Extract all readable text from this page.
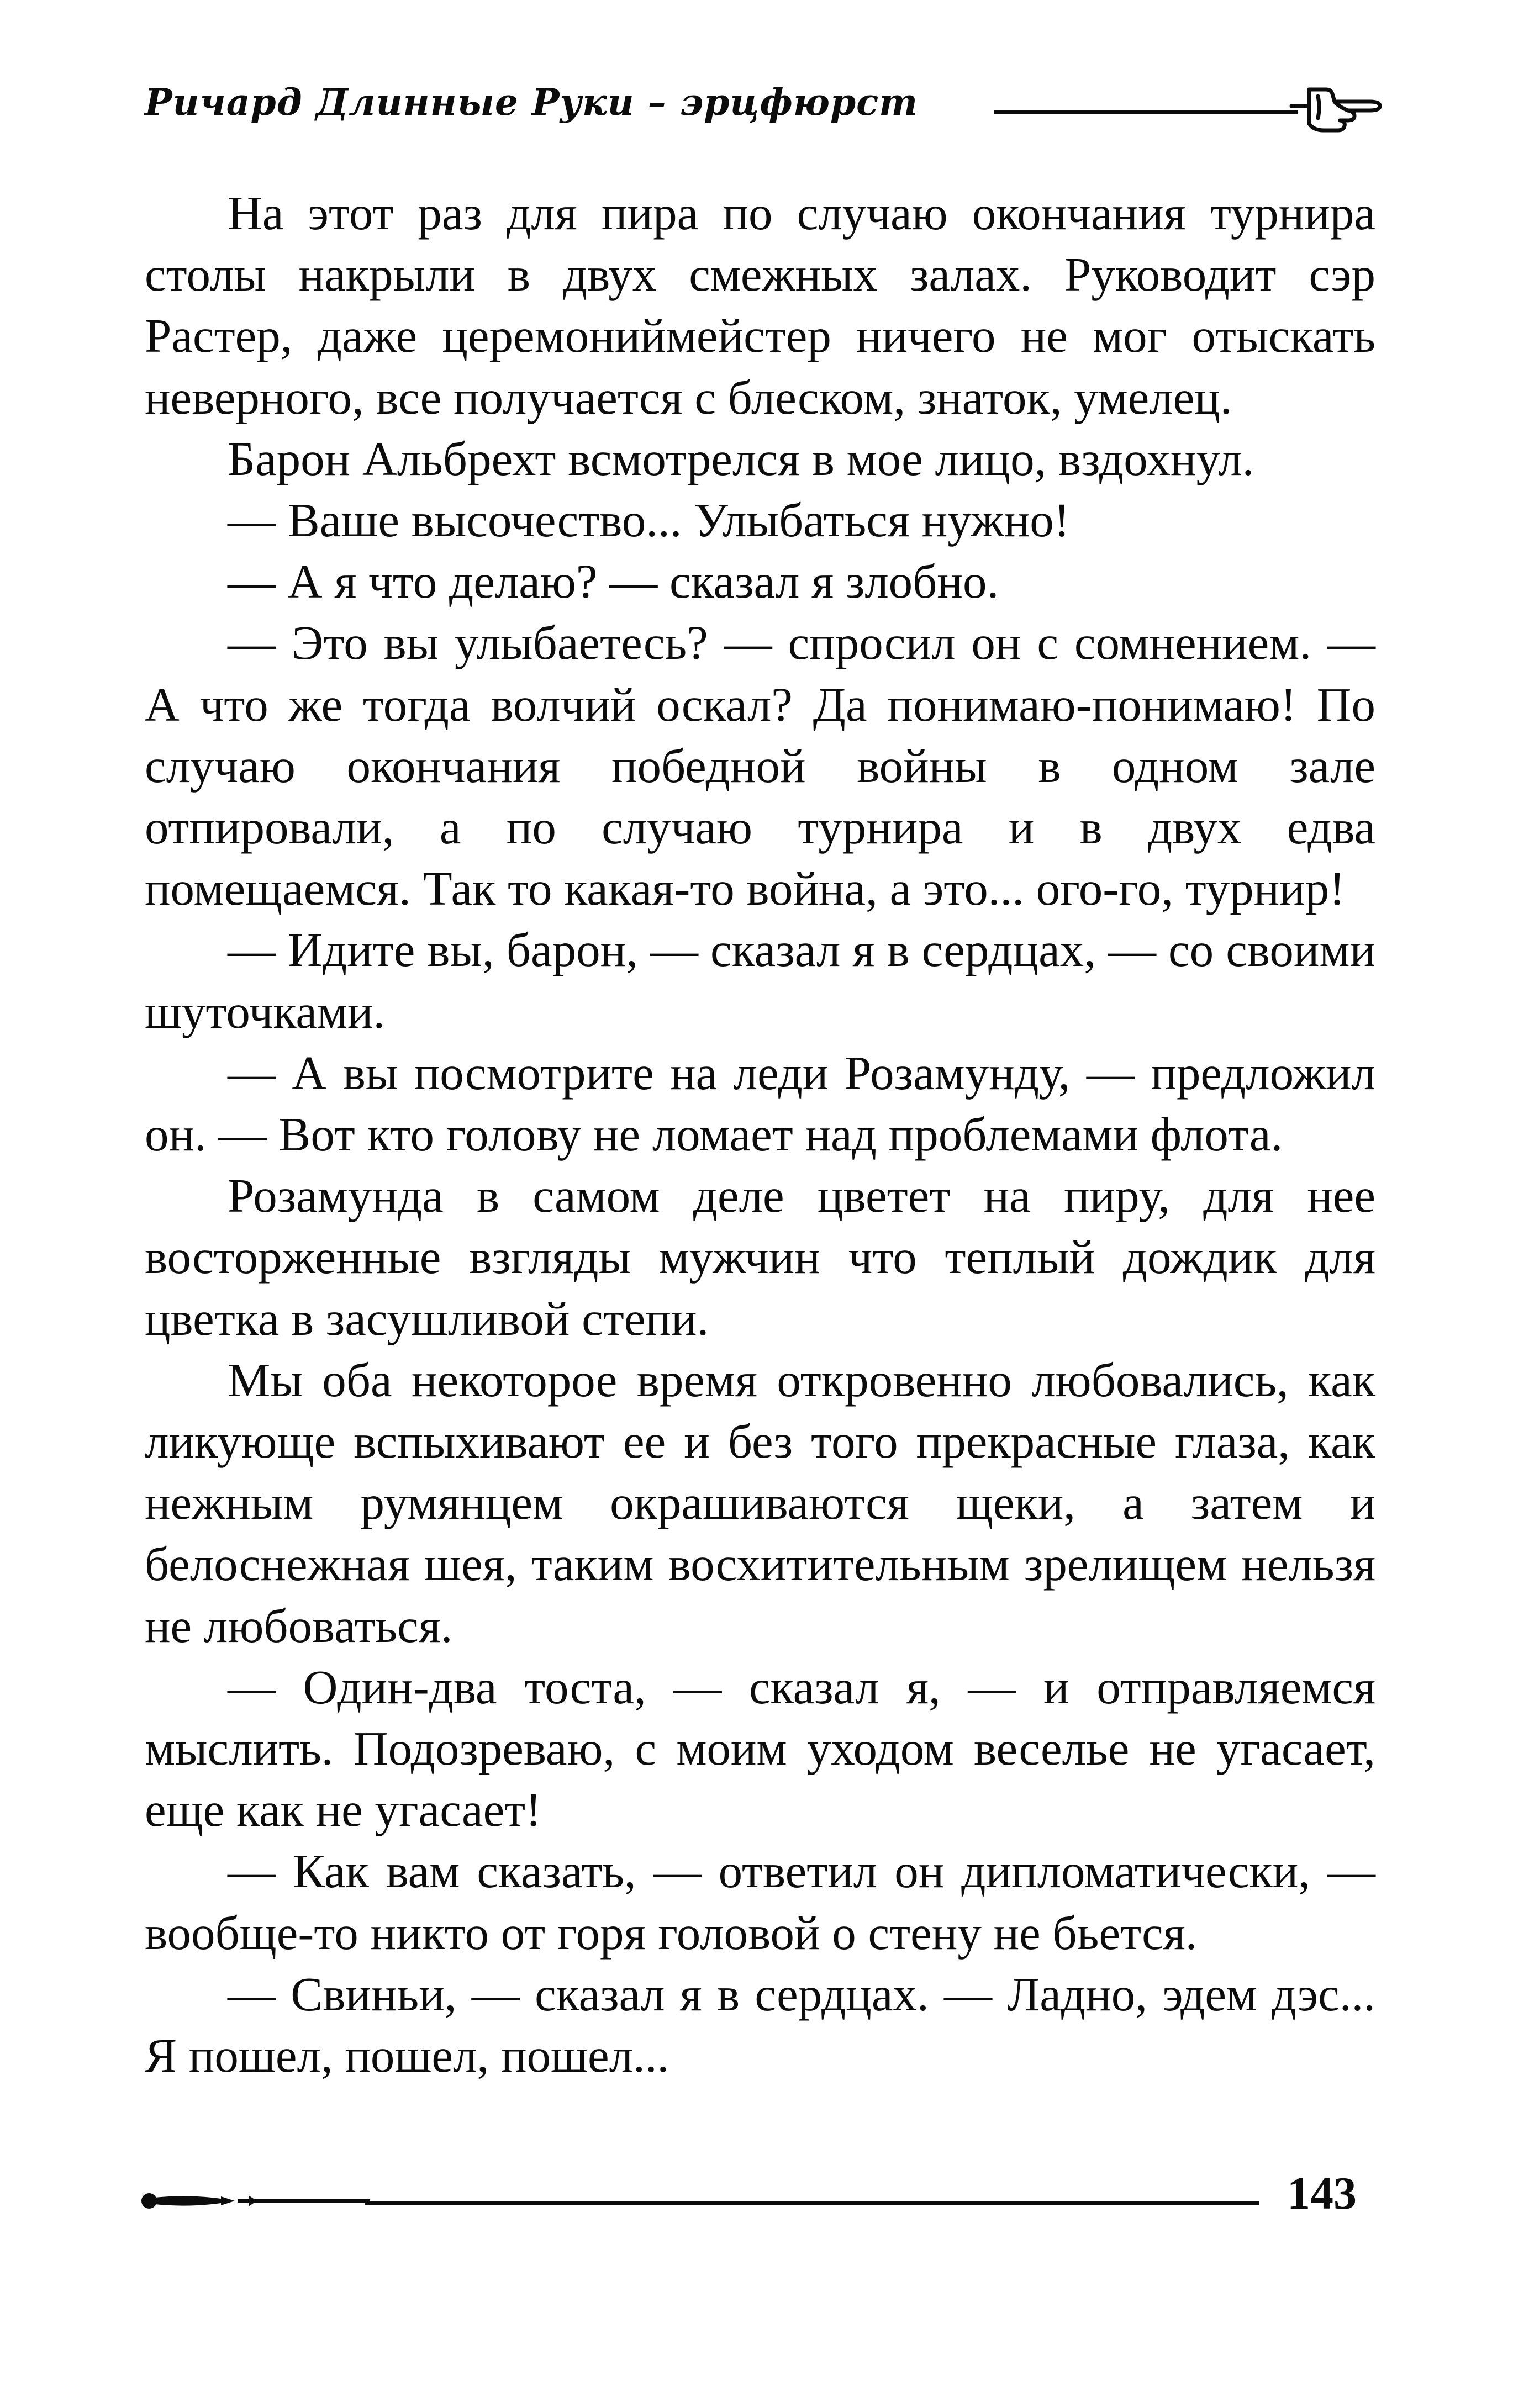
Ричард Длинные Руки – эрцфюрст

На этот раз для пира по случаю окончания турнира столы накрыли в двух смежных залах. Руководит сэр Растер, даже церемониймейстер ничего не мог отыскать неверного, все получается с блеском, знаток, умелец.

Барон Альбрехт всмотрелся в мое лицо, вздохнул.

— Ваше высочество... Улыбаться нужно!

— А я что делаю? — сказал я злобно.

— Это вы улыбаетесь? — спросил он с сомнением. — А что же тогда волчий оскал? Да понимаю-понимаю! По случаю окончания победной войны в одном зале отпировали, а по случаю турнира и в двух едва помещаемся. Так то какая-то война, а это... ого-го, турнир!

— Идите вы, барон, — сказал я в сердцах, — со своими шуточками.

— А вы посмотрите на леди Розамунду, — предложил он. — Вот кто голову не ломает над проблемами флота.

Розамунда в самом деле цветет на пиру, для нее восторженные взгляды мужчин что теплый дождик для цветка в засушливой степи.

Мы оба некоторое время откровенно любовались, как ликующе вспыхивают ее и без того прекрасные глаза, как нежным румянцем окрашиваются щеки, а затем и белоснежная шея, таким восхитительным зрелищем нельзя не любоваться.

— Один-два тоста, — сказал я, — и отправляемся мыслить. Подозреваю, с моим уходом веселье не угасает, еще как не угасает!

— Как вам сказать, — ответил он дипломатически, — вообще-то никто от горя головой о стену не бьется.

— Свиньи, — сказал я в сердцах. — Ладно, эдем дэс... Я пошел, пошел, пошел...

143
